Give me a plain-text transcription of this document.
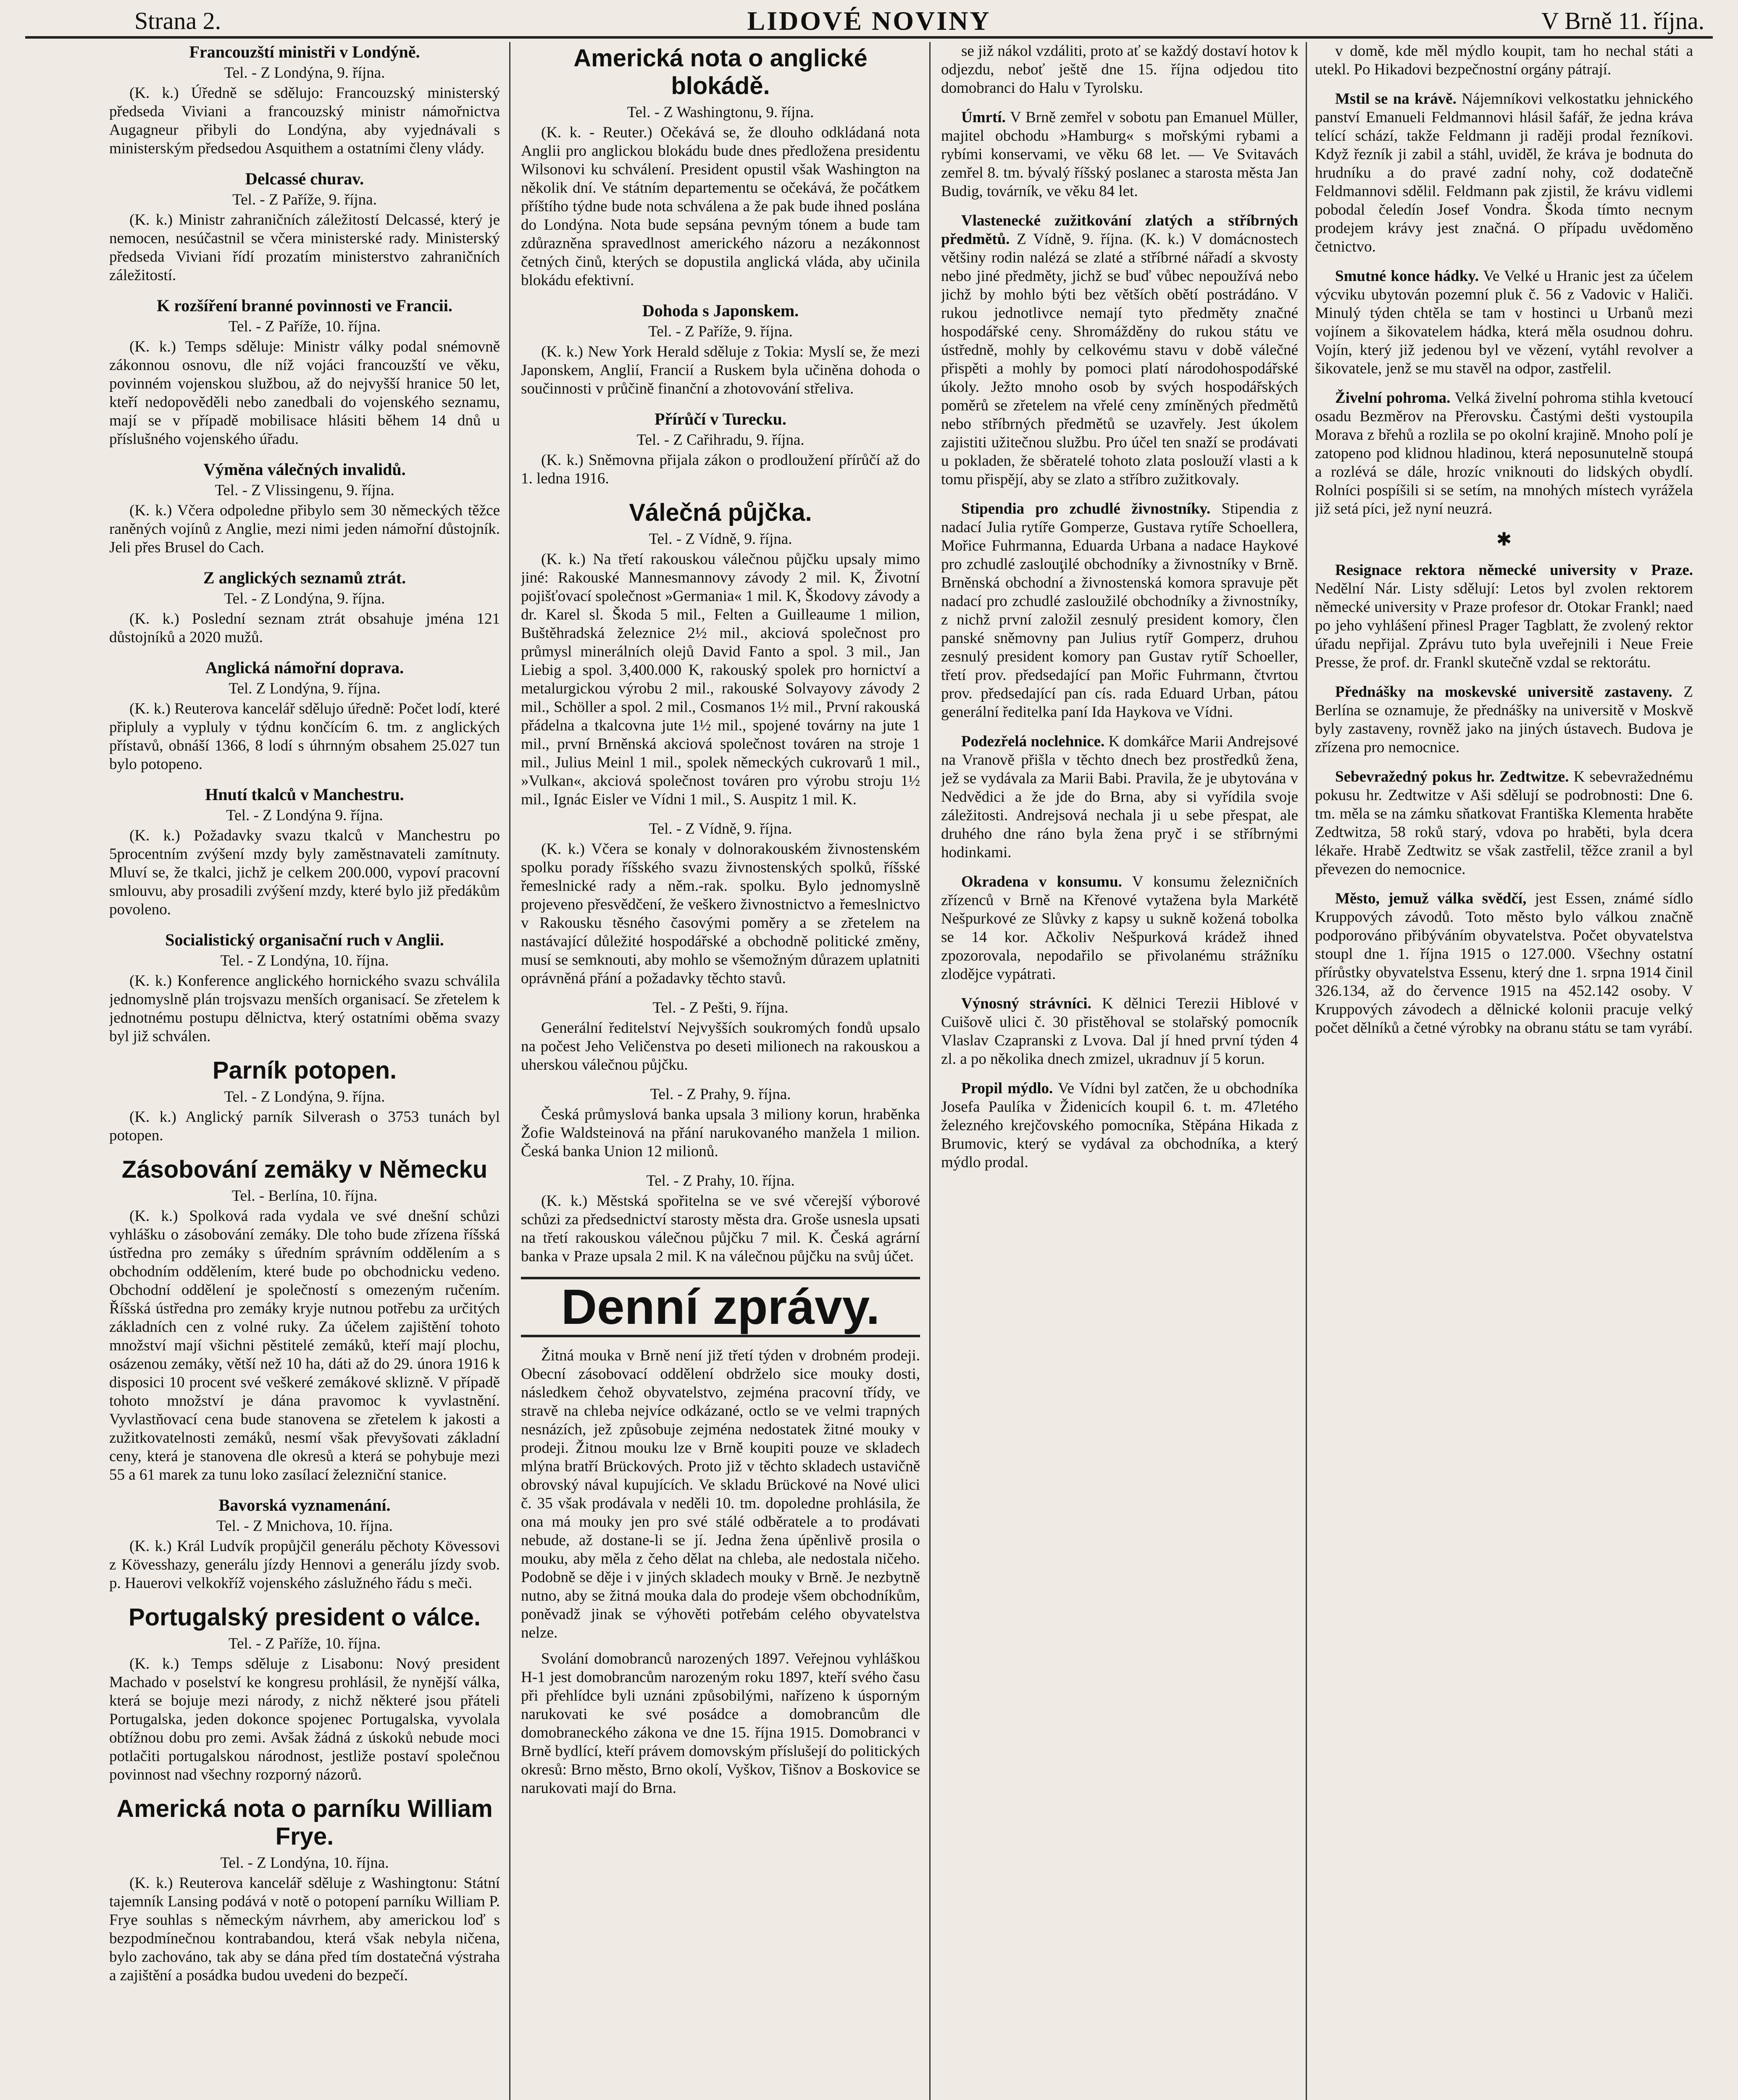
Strana 2.	LIDOVÉ NOVINY	V Brně 11. října.
Francouzští ministři v Londýně.
Tel. - Z Londýna, 9. října.

(K. k.) Úředně se sdělujo: Francouzský ministerský předseda Viviani a francouzský ministr námořnictva Augagneur přibyli do Londýna, aby vyjednávali s ministerským předsedou Asquithem a ostatními členy vlády.

Delcassé churav.
Tel. - Z Paříže, 9. října.

(K. k.) Ministr zahraničních záležitostí Delcassé, který je nemocen, nesúčastnil se včera ministerské rady. Ministerský předseda Viviani řídí prozatím ministerstvo zahraničních záležitostí.

K rozšíření branné povinnosti ve Francii.
Tel. - Z Paříže, 10. října.

(K. k.) Temps sděluje: Ministr války podal snémovně zákonnou osnovu, dle níž vojáci francouzští ve věku, povinném vojenskou službou, až do nejvyšší hranice 50 let, kteří nedopověděli nebo zanedbali do vojenského seznamu, mají se v případě mobilisace hlásiti během 14 dnů u příslušného vojenského úřadu.

Výměna válečných invalidů.
Tel. - Z Vlissingenu, 9. října.

(K. k.) Včera odpoledne přibylo sem 30 německých těžce raněných vojínů z Anglie, mezi nimi jeden námořní důstojník. Jeli přes Brusel do Cach.

Z anglických seznamů ztrát.
Tel. - Z Londýna, 9. října.

(K. k.) Poslední seznam ztrát obsahuje jména 121 důstojníků a 2020 mužů.

Anglická námořní doprava.
Tel. Z Londýna, 9. října.

(K. k.) Reuterova kancelář sdělujo úředně: Počet lodí, které připluly a vypluly v týdnu končícím 6. tm. z anglických přístavů, obnáší 1366, 8 lodí s úhrnným obsahem 25.027 tun bylo potopeno.

Hnutí tkalců v Manchestru.
Tel. - Z Londýna 9. října.

(K. k.) Požadavky svazu tkalců v Manchestru po 5procentním zvýšení mzdy byly zaměstnavateli zamítnuty. Mluví se, že tkalci, jichž je celkem 200.000, vypoví pracovní smlouvu, aby prosadili zvýšení mzdy, které bylo již předákům povoleno.

Socialistický organisační ruch v Anglii.
Tel. - Z Londýna, 10. října.

(K. k.) Konference anglického hornického svazu schválila jednomyslně plán trojsvazu menších organisací. Se zřetelem k jednotnému postupu dělnictva, který ostatními oběma svazy byl již schválen.

Parník potopen.
Tel. - Z Londýna, 9. října.

(K. k.) Anglický parník Silverash o 3753 tunách byl potopen.

Zásobování zemäky v Německu
Tel. - Berlína, 10. října.

(K. k.) Spolková rada vydala ve své dnešní schůzi vyhlášku o zásobování zemáky. Dle toho bude zřízena říšská ústředna pro zemáky s úředním správním oddělením a s obchodním oddělením, které bude po obchodnicku vedeno. Obchodní oddělení je společností s omezeným ručením. Říšská ústředna pro zemáky kryje nutnou potřebu za určitých základních cen z volné ruky. Za účelem zajištění tohoto množství mají všichni pěstitelé zemáků, kteří mají plochu, osázenou zemáky, větší než 10 ha, dáti až do 29. února 1916 k disposici 10 procent své veškeré zemákové sklizně. V případě tohoto množství je dána pravomoc k vyvlastnění. Vyvlastňovací cena bude stanovena se zřetelem k jakosti a zužitkovatelnosti zemáků, nesmí však převyšovati základní ceny, která je stanovena dle okresů a která se pohybuje mezi 55 a 61 marek za tunu loko zasílací železniční stanice.

Bavorská vyznamenání.
Tel. - Z Mnichova, 10. října.

(K. k.) Král Ludvík propůjčil generálu pěchoty Kövessovi z Kövesshazy, generálu jízdy Hennovi a generálu jízdy svob. p. Hauerovi velkokříž vojenského záslužného řádu s meči.

Portugalský president o válce.
Tel. - Z Paříže, 10. října.

(K. k.) Temps sděluje z Lisabonu: Nový president Machado v poselství ke kongresu prohlásil, že nynější válka, která se bojuje mezi národy, z nichž některé jsou přáteli Portugalska, jeden dokonce spojenec Portugalska, vyvolala obtížnou dobu pro zemi. Avšak žádná z úskoků nebude moci potlačiti portugalskou národnost, jestliže postaví společnou povinnost nad všechny rozporný názorů.

Americká nota o parníku William Frye.
Tel. - Z Londýna, 10. října.

(K. k.) Reuterova kancelář sděluje z Washingtonu: Státní tajemník Lansing podává v notě o potopení parníku William P. Frye souhlas s německým návrhem, aby americkou loď s bezpodmínečnou kontrabandou, která však nebyla ničena, bylo zachováno, tak aby se dána před tím dostatečná výstraha a zajištění a posádka budou uvedeni do bezpečí.

Americká nota o anglické blokádě.
Tel. - Z Washingtonu, 9. října.

(K. k. - Reuter.) Očekává se, že dlouho odkládaná nota Anglii pro anglickou blokádu bude dnes předložena presidentu Wilsonovi ku schválení. President opustil však Washington na několik dní. Ve státním departementu se očekává, že počátkem příštího týdne bude nota schválena a že pak bude ihned poslána do Londýna. Nota bude sepsána pevným tónem a bude tam zdůrazněna spravedlnost amerického názoru a nezákonnost četných činů, kterých se dopustila anglická vláda, aby učinila blokádu efektivní.

Dohoda s Japonskem.
Tel. - Z Paříže, 9. října.

(K. k.) New York Herald sděluje z Tokia: Myslí se, že mezi Japonskem, Anglií, Francií a Ruskem byla učiněna dohoda o součinnosti v průčině finanční a zhotovování střeliva.

Přírůčí v Turecku.
Tel. - Z Cařihradu, 9. října.

(K. k.) Sněmovna přijala zákon o prodloužení přírůčí až do 1. ledna 1916.

Válečná půjčka.
Tel. - Z Vídně, 9. října.

(K. k.) Na třetí rakouskou válečnou půjčku upsaly mimo jiné: Rakouské Mannesmannovy závody 2 mil. K, Životní pojišťovací společnost »Germania« 1 mil. K, Škodovy závody a dr. Karel sl. Škoda 5 mil., Felten a Guilleaume 1 milion, Buštěhradská železnice 2½ mil., akciová společnost pro průmysl minerálních olejů David Fanto a spol. 3 mil., Jan Liebig a spol. 3,400.000 K, rakouský spolek pro hornictví a metalurgickou výrobu 2 mil., rakouské Solvayovy závody 2 mil., Schöller a spol. 2 mil., Cosmanos 1½ mil., První rakouská přádelna a tkalcovna jute 1½ mil., spojené továrny na jute 1 mil., první Brněnská akciová společnost továren na stroje 1 mil., Julius Meinl 1 mil., spolek německých cukrovarů 1 mil., »Vulkan«, akciová společnost továren pro výrobu stroju 1½ mil., Ignác Eisler ve Vídni 1 mil., S. Auspitz 1 mil. K.

Tel. - Z Vídně, 9. října.

(K. k.) Včera se konaly v dolnorakouském živnostenském spolku porady říšského svazu živnostenských spolků, říšské řemeslnické rady a něm.-rak. spolku. Bylo jednomyslně projeveno přesvědčení, že veškero živnostnictvo a řemeslnictvo v Rakousku těsného časovými poměry a se zřetelem na nastávající důležité hospodářské a obchodně politické změny, musí se semknouti, aby mohlo se všemožným důrazem uplatniti oprávněná přání a požadavky těchto stavů.

Tel. - Z Pešti, 9. října.

Generální ředitelství Nejvyšších soukromých fondů upsalo na počest Jeho Veličenstva po deseti milionech na rakouskou a uherskou válečnou půjčku.

Tel. - Z Prahy, 9. října.

Česká průmyslová banka upsala 3 miliony korun, hraběnka Žofie Waldsteinová na přání narukovaného manžela 1 milion. Česká banka Union 12 milionů.

Tel. - Z Prahy, 10. října.

(K. k.) Městská spořitelna se ve své včerejší výborové schůzi za předsednictví starosty města drа. Groše usnesla upsati na třetí rakouskou válečnou půjčku 7 mil. K. Česká agrární banka v Praze upsala 2 mil. K na válečnou půjčku na svůj účet.

Denní zprávy.

Žitná mouka v Brně není již třetí týden v drobném prodeji. Obecní zásobovací oddělení obdrželo sice mouky dosti, následkem čehož obyvatelstvo, zejména pracovní třídy, ve stravě na chleba nejvíce odkázané, octlo se ve velmi trapných nesnázích, jež způsobuje zejména nedostatek žitné mouky v prodeji. Žitnou mouku lze v Brně koupiti pouze ve skladech mlýna bratří Brückových. Proto již v těchto skladech ustavičně obrovský nával kupujících. Ve skladu Brückové na Nové ulici č. 35 však prodávala v neděli 10. tm. dopoledne prohlásila, že ona má mouky jen pro své stálé odběratele a to prodávati nebude, až dostane-li se jí. Jedna žena úpěnlivě prosila o mouku, aby měla z čeho dělat na chleba, ale nedostala ničeho. Podobně se děje i v jiných skladech mouky v Brně. Je nezbytně nutno, aby se žitná mouka dala do prodeje všem obchodníkům, poněvadž jinak se výhověti potřebám celého obyvatelstva nelze.

Svolání domobranců narozených 1897. Veřejnou vyhláškou H-1 jest domobrancům narozeným roku 1897, kteří svého času při přehlídce byli uznáni způsobilými, nařízeno k úsporným narukovati ke své posádce a domobrancům dle domobraneckého zákona ve dne 15. října 1915. Domobranci v Brně bydlící, kteří právem domovským příslušejí do politických okresů: Brno město, Brno okolí, Vyškov, Tišnov a Boskovice se narukovati mají do Brna.

se již nákol vzdáliti, proto ať se každý dostaví hotov k odjezdu, neboť ještě dne 15. října odjedou tito domobranci do Halu v Tyrolsku.

Úmrtí. V Brně zemřel v sobotu pan Emanuel Müller, majitel obchodu »Hamburg« s mořskými rybami a rybími konservami, ve věku 68 let. — Ve Svitavách zemřel 8. tm. bývalý říšský poslanec a starosta města Jan Budig, továrník, ve věku 84 let.

Vlastenecké zužitkování zlatých a stříbrných předmětů. Z Vídně, 9. října. (K. k.) V domácnostech většiny rodin nalézá se zlaté a stříbrné nářadí a skvosty nebo jiné předměty, jichž se buď vůbec nepoužívá nebo jichž by mohlo býti bez větších obětí postrádáno. V rukou jednotlivce nemají tyto předměty značné hospodářské ceny. Shromážděny do rukou státu ve ústředně, mohly by celkovému stavu v době válečné přispěti a mohly by pomoci platí národohospodářské úkoly. Ježto mnoho osob by svých hospodářských poměrů se zřetelem na vřelé ceny zmíněných předmětů nebo stříbrných předmětů se uzavřely. Jest úkolem zajistiti užitečnou službu. Pro účel ten snaží se prodávati u pokladen, že sběratelé tohoto zlata poslouží vlasti a k tomu přispějí, aby se zlato a stříbro zužitkovaly.

Stipendia pro zchudlé živnostníky. Stipendia z nadací Julia rytíře Gomperze, Gustava rytíře Schoellera, Mořice Fuhrmanna, Eduarda Urbana a nadace Haykové pro zchudlé zaslouţilé obchodníky a živnostníky v Brně. Brněnská obchodní a živnostenská komora spravuje pět nadací pro zchudlé zasloužilé obchodníky a živnostníky, z nichž první založil zesnulý president komory, člen panské sněmovny pan Julius rytíř Gomperz, druhou zesnulý president komory pan Gustav rytíř Schoeller, třetí prov. předsedající pan Mořic Fuhrmann, čtvrtou prov. předsedající pan cís. rada Eduard Urban, pátou generální ředitelka paní Ida Haykova ve Vídni.

Podezřelá noclehnice. K domkářce Marii Andrejsové na Vranově přišla v těchto dnech bez prostředků žena, jež se vydávala za Marii Babi. Pravila, že je ubytována v Nedvědici a že jde do Brna, aby si vyřídila svoje záležitosti. Andrejsová nechala ji u sebe přespat, ale druhého dne ráno byla žena pryč i se stříbrnými hodinkami.

Okradena v konsumu. V konsumu železničních zřízenců v Brně na Křenové vytažena byla Markétě Nešpurkové ze Slůvky z kapsy u sukně kožená tobolka se 14 kor. Ačkoliv Nešpurková krádež ihned zpozorovala, nepodařilo se přivolanému strážníku zlodějce vypátrati.

Výnosný strávníci. K dělnici Terezii Hiblové v Cuišově ulici č. 30 přistěhoval se stolařský pomocník Vlaslav Czapranski z Lvova. Dal jí hned první týden 4 zl. a po několika dnech zmizel, ukradnuv jí 5 korun.

Propil mýdlo. Ve Vídni byl zatčen, že u obchodníka Josefa Paulíka v Židenicích koupil 6. t. m. 47letého železného krejčovského pomocníka, Stěpána Hikada z Brumovic, který se vydával za obchodníka, a který mýdlo prodal.

v domě, kde měl mýdlo koupit, tam ho nechal státi a utekl. Po Hikadovi bezpečnostní orgány pátrají.

Mstil se na krávě. Nájemníkovi velkostatku jehnického panství Emanueli Feldmannovi hlásil šafář, že jedna kráva telící schází, takže Feldmann ji raději prodal řezníkovi. Když řezník ji zabil a stáhl, uviděl, že kráva je bodnuta do hrudníku a do pravé zadní nohy, což dodatečně Feldmannovi sdělil. Feldmann pak zjistil, že krávu vidlemi pobodal čeledín Josef Vondra. Škoda tímto necnym prodejem krávy jest značná. O případu uvědoměno četnictvo.

Smutné konce hádky. Ve Velké u Hranic jest za účelem výcviku ubytován pozemní pluk č. 56 z Vadovic v Haliči. Minulý týden chtěla se tam v hostinci u Urbanů mezi vojínem a šikovatelem hádka, která měla osudnou dohru. Vojín, který již jedenou byl ve vězení, vytáhl revolver a šikovatele, jenž se mu stavěl na odpor, zastřelil.

Živelní pohroma. Velká živelní pohroma stihla kvetoucí osadu Bezměrov na Přerovsku. Častými dešti vystoupila Morava z břehů a rozlila se po okolní krajině. Mnoho polí je zatopeno pod klidnou hladinou, která neposunutelně stoupá a rozlévá se dále, hrozíc vniknouti do lidských obydlí. Rolníci pospíšili si se setím, na mnohých místech vyrážela již setá píci, jež nyní neuzrá.

✱

Resignace rektora německé university v Praze. Nedělní Nár. Listy sdělují: Letos byl zvolen rektorem německé university v Praze profesor dr. Otokar Frankl; naed po jeho vyhlášení přinesl Prager Tagblatt, že zvolený rektor úřadu nepřijal. Zprávu tuto byla uveřejnili i Neue Freie Presse, že prof. dr. Frankl skutečně vzdal se rektorátu.

Přednášky na moskevské universitě zastaveny. Z Berlína se oznamuje, že přednášky na universitě v Moskvě byly zastaveny, rovněž jako na jiných ústavech. Budova je zřízena pro nemocnice.

Sebevražedný pokus hr. Zedtwitze. K sebevražednému pokusu hr. Zedtwitze v Aši sdělují se podrobnosti: Dne 6. tm. měla se na zámku sňatkovat Františka Klementa hraběte Zedtwitza, 58 roků starý, vdova po hraběti, byla dcera lékaře. Hrabě Zedtwitz se však zastřelil, těžce zranil a byl převezen do nemocnice.

Město, jemuž válka svědčí, jest Essen, známé sídlo Kruppových závodů. Toto město bylo válkou značně podporováno přibýváním obyvatelstva. Počet obyvatelstva stoupl dne 1. října 1915 o 127.000. Všechny ostatní přírůstky obyvatelstva Essenu, který dne 1. srpna 1914 činil 326.134, až do července 1915 na 452.142 osoby. V Kruppových závodech a dělnické kolonii pracuje velký počet dělníků a četné výrobky na obranu státu se tam vyrábí.
